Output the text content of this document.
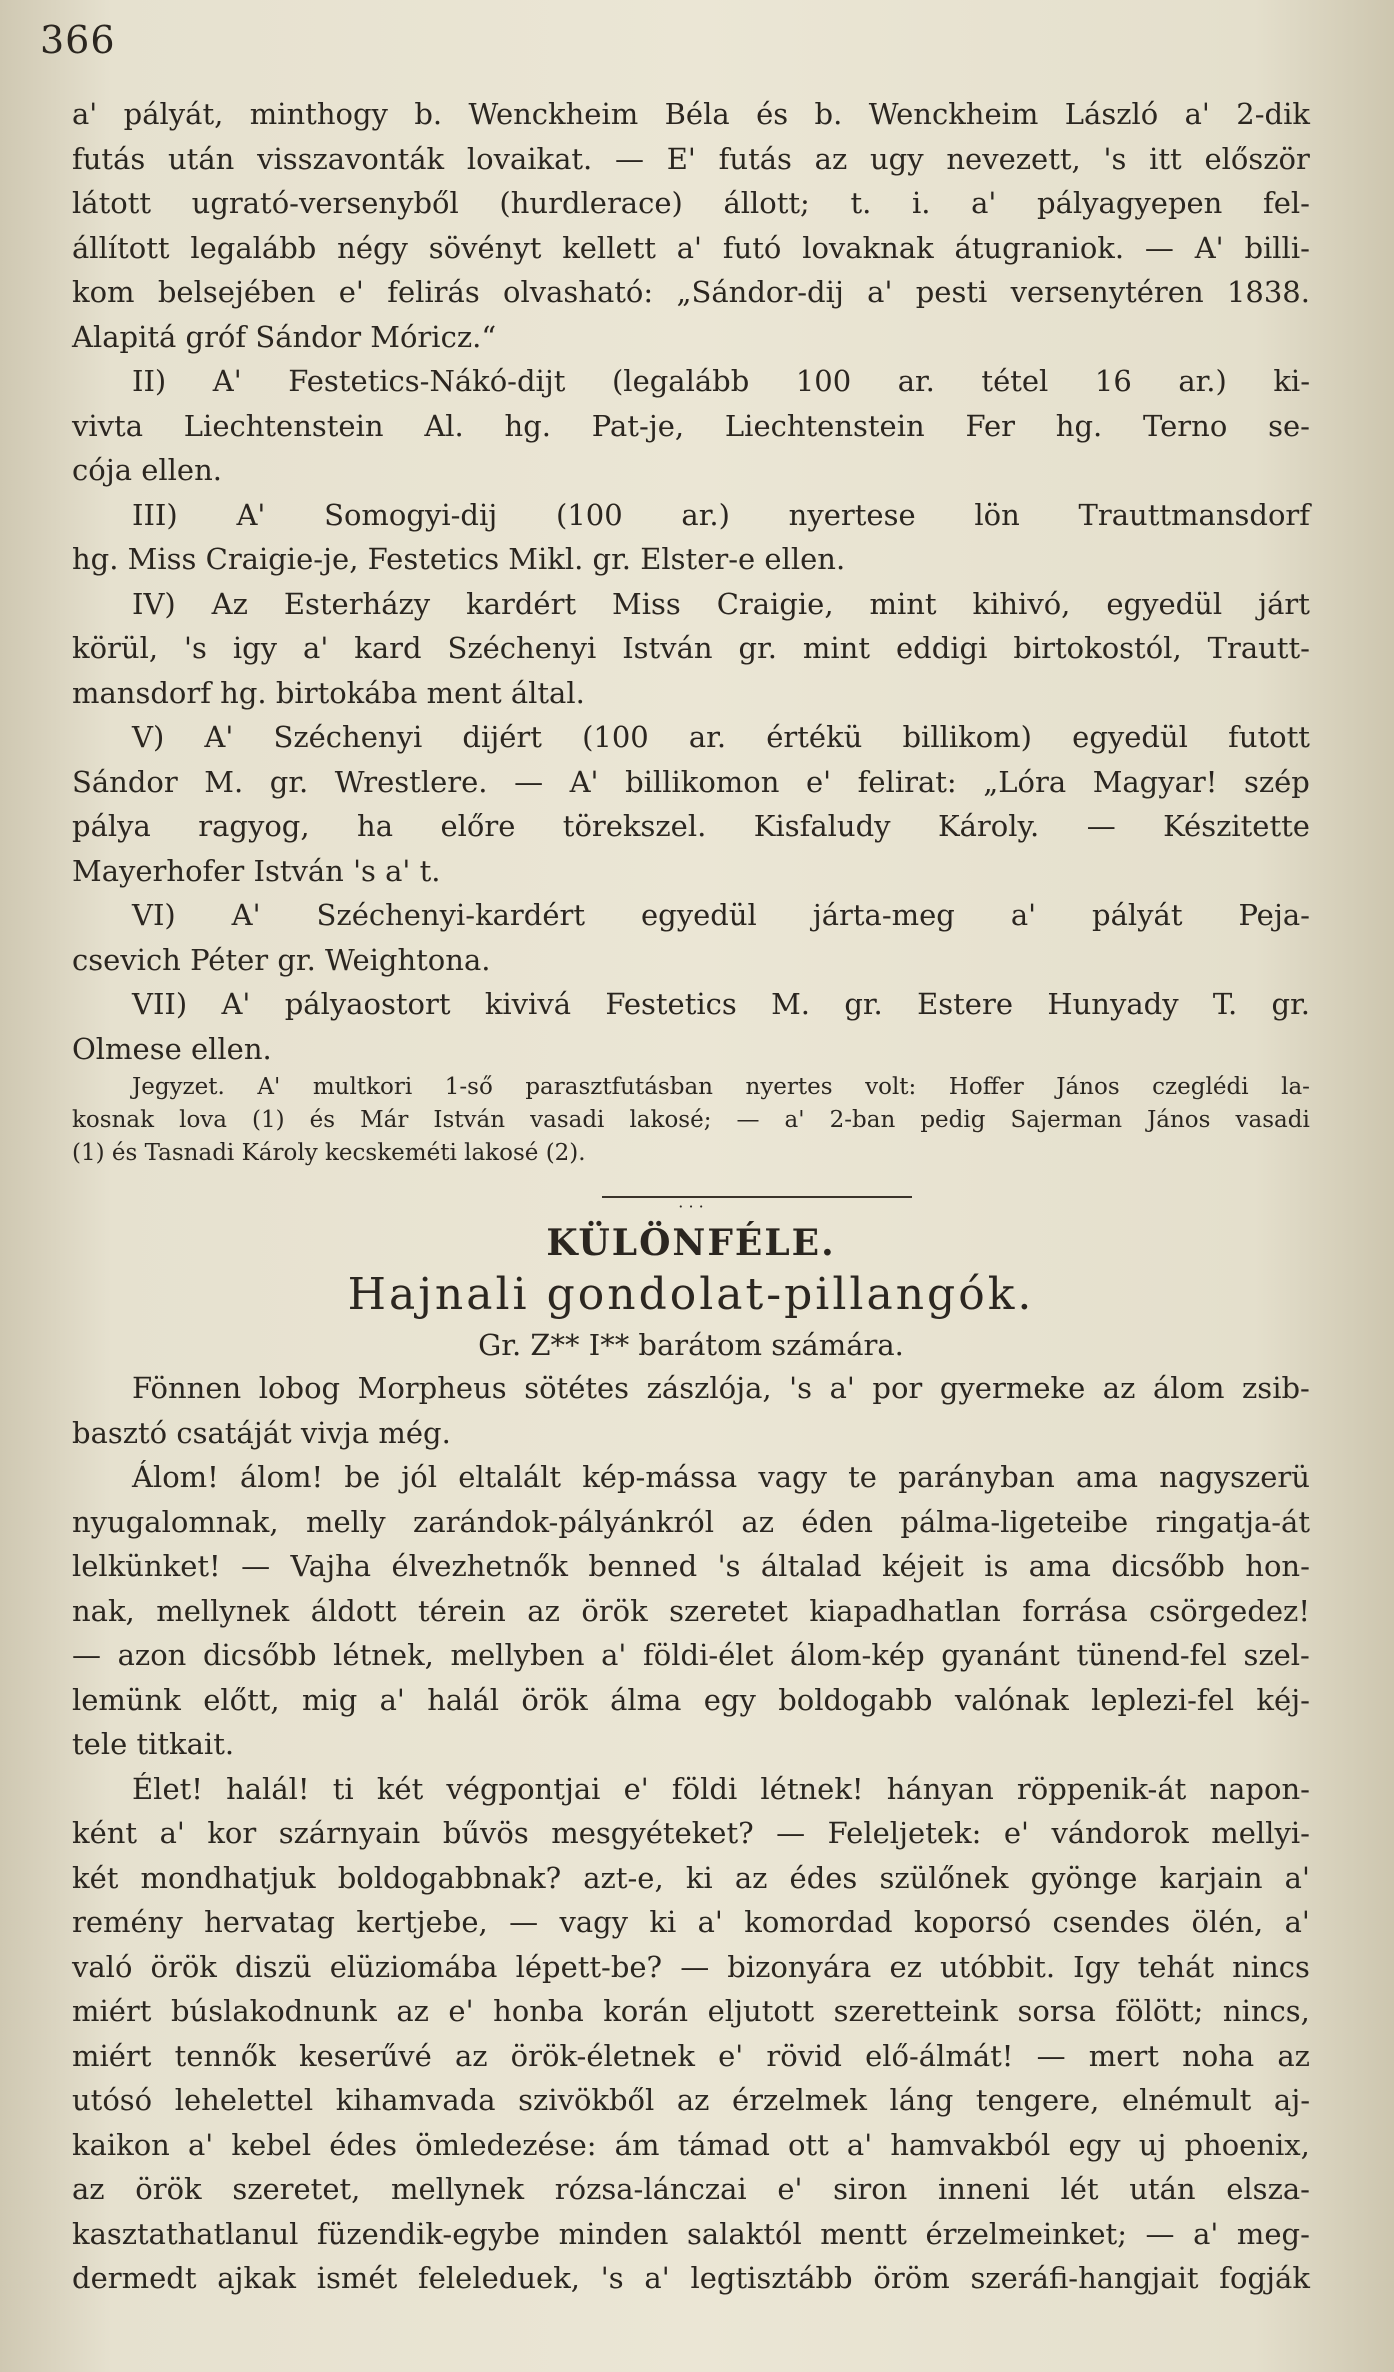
366
a' pályát, minthogy b. Wenckheim Béla és b. Wenckheim László a' 2-dik
futás után visszavonták lovaikat. — E' futás az ugy nevezett, 's itt először
látott ugrató-versenyből (hurdlerace) állott; t. i. a' pályagyepen fel-
állított legalább négy sövényt kellett a' futó lovaknak átugraniok. — A' billi-
kom belsejében e' felirás olvasható: „Sándor-dij a' pesti versenytéren 1838.
Alapitá gróf Sándor Móricz.“
II) A' Festetics-Nákó-dijt (legalább 100 ar. tétel 16 ar.) ki-
vivta Liechtenstein Al. hg. Pat-je, Liechtenstein Fer hg. Terno se-
cója ellen.
III) A' Somogyi-dij (100 ar.) nyertese lön Trauttmansdorf
hg. Miss Craigie-je, Festetics Mikl. gr. Elster-e ellen.
IV) Az Esterházy kardért Miss Craigie, mint kihivó, egyedül járt
körül, 's igy a' kard Széchenyi István gr. mint eddigi birtokostól, Trautt-
mansdorf hg. birtokába ment által.
V) A' Széchenyi dijért (100 ar. értékü billikom) egyedül futott
Sándor M. gr. Wrestlere. — A' billikomon e' felirat: „Lóra Magyar! szép
pálya ragyog, ha előre törekszel. Kisfaludy Károly. — Készitette
Mayerhofer István 's a' t.
VI) A' Széchenyi-kardért egyedül járta-meg a' pályát Peja-
csevich Péter gr. Weightona.
VII) A' pályaostort kivivá Festetics M. gr. Estere Hunyady T. gr.
Olmese ellen.
Jegyzet. A' multkori 1-ső parasztfutásban nyertes volt: Hoffer János czeglédi la-
kosnak lova (1) és Már István vasadi lakosé; — a' 2-ban pedig Sajerman János vasadi
(1) és Tasnadi Károly kecskeméti lakosé (2).
· · ·
KÜLÖNFÉLE.
Hajnali gondolat-pillangók.
Gr. Z** I** barátom számára.
Fönnen lobog Morpheus sötétes zászlója, 's a' por gyermeke az álom zsib-
basztó csatáját vivja még.
Álom! álom! be jól eltalált kép-mássa vagy te parányban ama nagyszerü
nyugalomnak, melly zarándok-pályánkról az éden pálma-ligeteibe ringatja-át
lelkünket! — Vajha élvezhetnők benned 's általad kéjeit is ama dicsőbb hon-
nak, mellynek áldott térein az örök szeretet kiapadhatlan forrása csörgedez!
— azon dicsőbb létnek, mellyben a' földi-élet álom-kép gyanánt tünend-fel szel-
lemünk előtt, mig a' halál örök álma egy boldogabb valónak leplezi-fel kéj-
tele titkait.
Élet! halál! ti két végpontjai e' földi létnek! hányan röppenik-át napon-
ként a' kor szárnyain bűvös mesgyéteket? — Feleljetek: e' vándorok mellyi-
két mondhatjuk boldogabbnak? azt-e, ki az édes szülőnek gyönge karjain a'
remény hervatag kertjebe, — vagy ki a' komordad koporsó csendes ölén, a'
való örök diszü elüziomába lépett-be? — bizonyára ez utóbbit. Igy tehát nincs
miért búslakodnunk az e' honba korán eljutott szeretteink sorsa fölött; nincs,
miért tennők keserűvé az örök-életnek e' rövid elő-álmát! — mert noha az
utósó lehelettel kihamvada szivökből az érzelmek láng tengere, elnémult aj-
kaikon a' kebel édes ömledezése: ám támad ott a' hamvakból egy uj phoenix,
az örök szeretet, mellynek rózsa-lánczai e' siron inneni lét után elsza-
kasztathatlanul füzendik-egybe minden salaktól mentt érzelmeinket; — a' meg-
dermedt ajkak ismét feleleduek, 's a' legtisztább öröm szeráfi-hangjait fogják
